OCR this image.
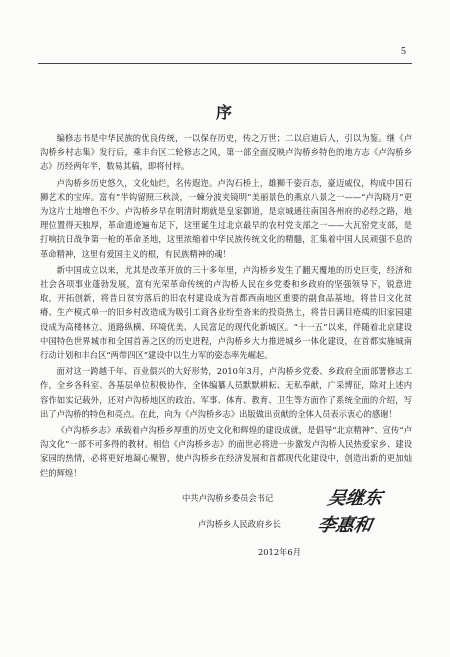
5
序

编修志书是中华民族的优良传统，一以保存历史，传之万世；二以启迪后人，引以为鉴。继《卢沟桥乡村志集》发行后，乘丰台区二轮修志之风，第一部全面反映卢沟桥乡特色的地方志《卢沟桥乡志》历经两年半，数易其稿，即将付梓。

卢沟桥乡历史悠久，文化灿烂，名传遐迩。卢沟石桥上，雄狮千姿百态，豪迈威仪，构成中国石狮艺术的宝库。富有“半钩留照三秋淡，一蝀分波夹镜明”美丽景色的燕京八景之一——“卢沟晓月”更为这片土地增色不少。卢沟桥乡早在明清时期就是皇家御道，是京城通往南国各州府的必经之路，地理位置得天独厚，革命遗迹遍布足下，这里诞生过北京最早的农村党支部之一——大瓦窑党支部，是打响抗日战争第一枪的革命圣地，这里浓缩着中华民族传统文化的精髓，汇集着中国人民顽强不息的革命精神，这里有爱国主义的根，有民族精神的魂！

新中国成立以来，尤其是改革开放的三十多年里，卢沟桥乡发生了翻天覆地的历史巨变，经济和社会各项事业蓬勃发展，富有光荣革命传统的卢沟桥人民在乡党委和乡政府的坚强领导下，锐意进取，开拓创新，将昔日贫穷落后的旧农村建设成为首都西南地区重要的副食品基地，将昔日文化贫瘠、生产模式单一的旧乡村改造成为吸引工商各业纷至沓来的投资热土，将昔日满目疮痍的旧家园建设成为高楼林立、道路纵横、环境优美、人民富足的现代化新城区。“十一五”以来，伴随着北京建设中国特色世界城市和全国首善之区的历史进程，卢沟桥乡大力推进城乡一体化建设，在首都实施城南行动计划和丰台区“两带四区”建设中以生力军的姿态率先崛起。

面对这一跨越千年、百业俱兴的大好形势，2010年3月，卢沟桥乡党委、乡政府全面部署修志工作，全乡各科室、各基层单位积极协作，全体编纂人员默默耕耘、无私奉献，广采博征，除对上述内容作如实记载外，还对卢沟桥地区的政治、军事、体育、教育、卫生等方面作了系统全面的介绍，写出了卢沟桥的特色和亮点。在此，向为《卢沟桥乡志》出版做出贡献的全体人员表示衷心的感谢！

《卢沟桥乡志》承载着卢沟桥乡厚重的历史文化和辉煌的建设成就，是倡导“北京精神”、宣传“卢沟文化”一部不可多得的教材。相信《卢沟桥乡志》的面世必将进一步激发卢沟桥人民热爱家乡、建设家园的热情，必将更好地凝心聚智，使卢沟桥乡在经济发展和首都现代化建设中，创造出新的更加灿烂的辉煌！

中共卢沟桥乡委员会书记	吴继东
卢沟桥乡人民政府乡长 李惠和
2012年6月
